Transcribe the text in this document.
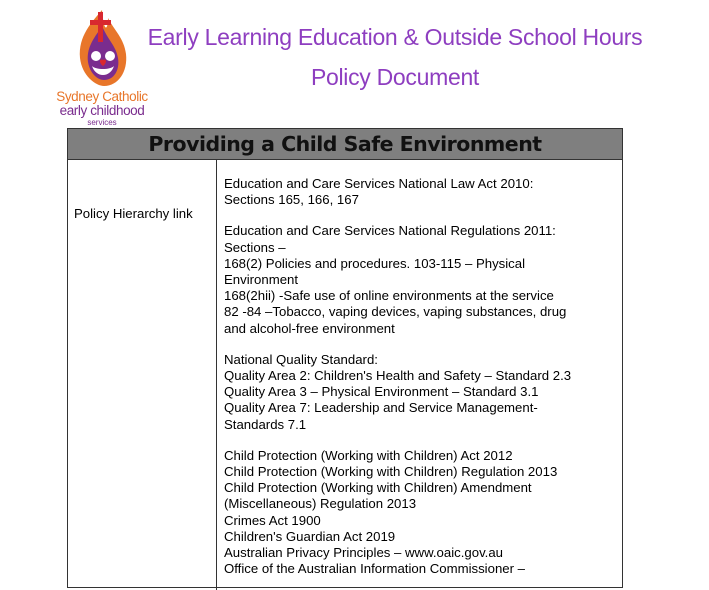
Sydney Catholic
early childhood
services
Early Learning Education & Outside School Hours
Policy Document
Providing a Child Safe Environment
Policy Hierarchy link
Education and Care Services National Law Act 2010:
Sections 165, 166, 167
Education and Care Services National Regulations 2011:
Sections –
168(2) Policies and procedures. 103-115 – Physical
Environment
168(2hii) -Safe use of online environments at the service
82 -84 –Tobacco, vaping devices, vaping substances, drug
and alcohol-free environment
National Quality Standard:
Quality Area 2: Children's Health and Safety – Standard 2.3
Quality Area 3 – Physical Environment – Standard 3.1
Quality Area 7: Leadership and Service Management-
Standards 7.1
Child Protection (Working with Children) Act 2012
Child Protection (Working with Children) Regulation 2013
Child Protection (Working with Children) Amendment
(Miscellaneous) Regulation 2013
Crimes Act 1900
Children's Guardian Act 2019
Australian Privacy Principles – www.oaic.gov.au
Office of the Australian Information Commissioner –
